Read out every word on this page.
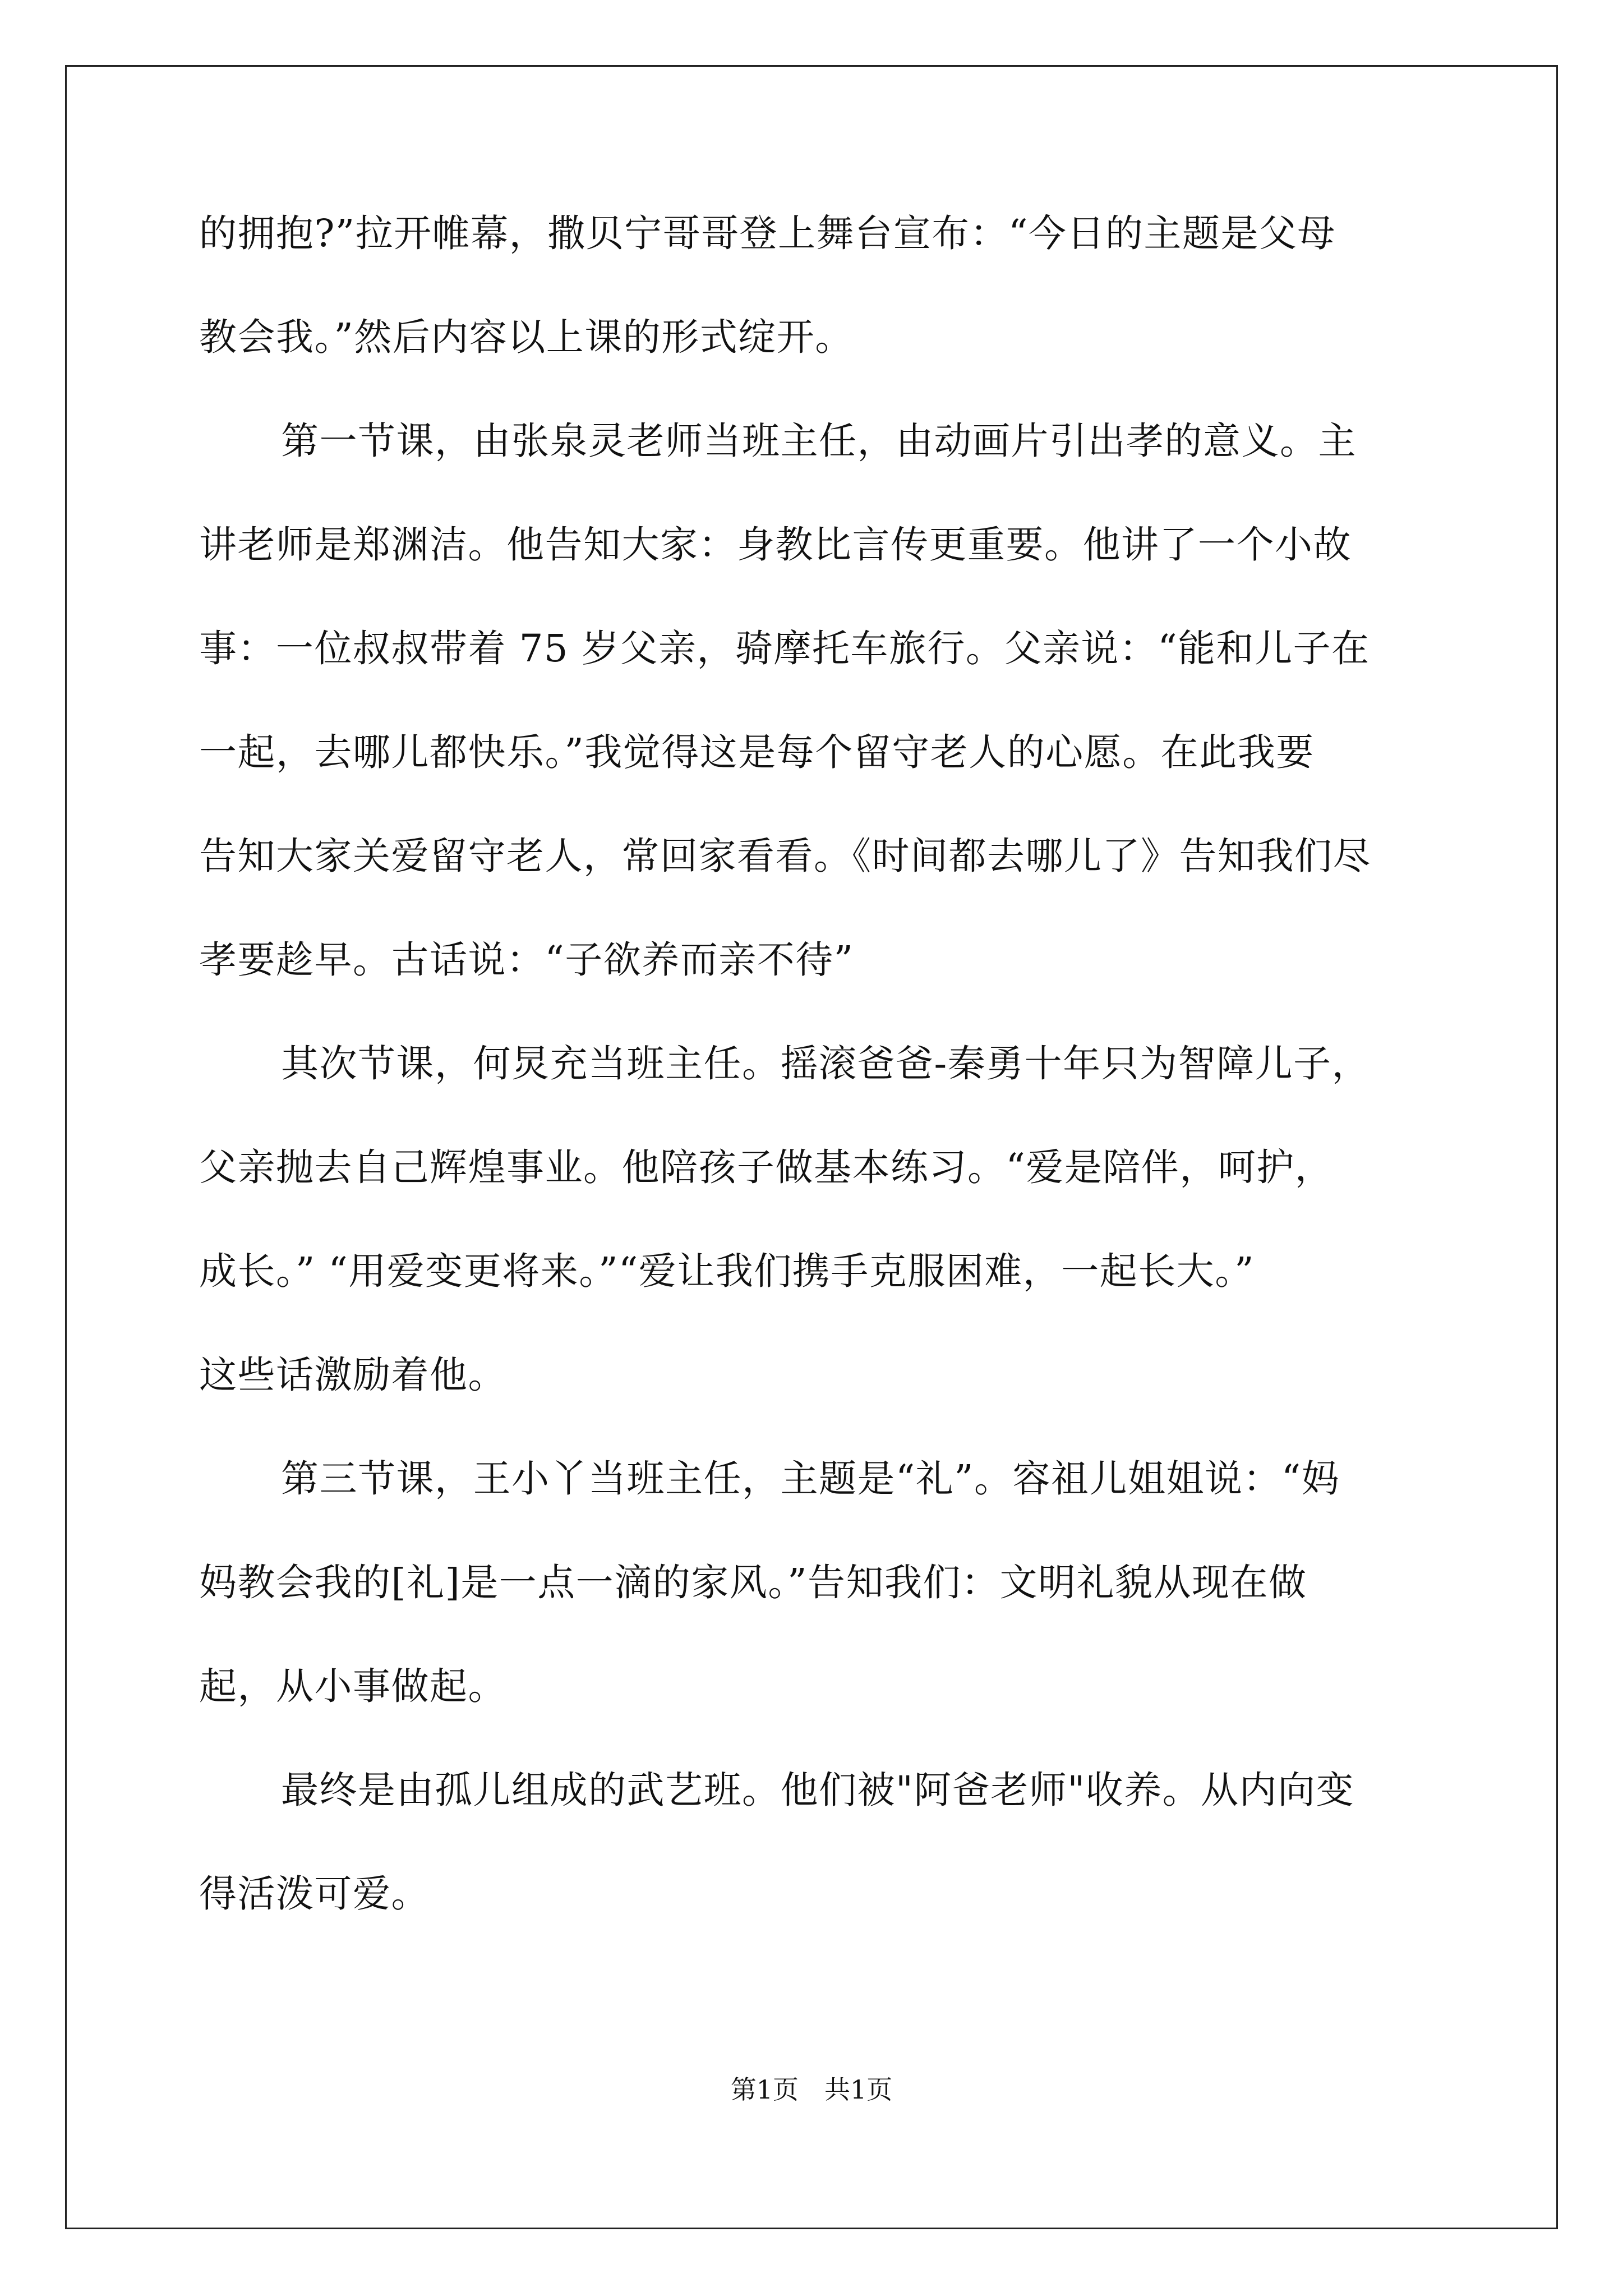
的拥抱?”拉开帷幕，撒贝宁哥哥登上舞台宣布：“今日的主题是父母
教会我。”然后内容以上课的形式绽开。
第一节课，由张泉灵老师当班主任，由动画片引出孝的意义。主
讲老师是郑渊洁。他告知大家：身教比言传更重要。他讲了一个小故
事：一位叔叔带着 75 岁父亲，骑摩托车旅行。父亲说：“能和儿子在
一起，去哪儿都快乐。”我觉得这是每个留守老人的心愿。在此我要
告知大家关爱留守老人，常回家看看。《时间都去哪儿了》告知我们尽
孝要趁早。古话说：“子欲养而亲不待”
其次节课，何炅充当班主任。摇滚爸爸-秦勇十年只为智障儿子，
父亲抛去自己辉煌事业。他陪孩子做基本练习。“爱是陪伴，呵护，
成长。” “用爱变更将来。”“爱让我们携手克服困难，一起长大。”
这些话激励着他。
第三节课，王小丫当班主任，主题是“礼”。容祖儿姐姐说：“妈
妈教会我的[礼]是一点一滴的家风。”告知我们：文明礼貌从现在做
起，从小事做起。
最终是由孤儿组成的武艺班。他们被"阿爸老师"收养。从内向变
得活泼可爱。
第1页 共1页
